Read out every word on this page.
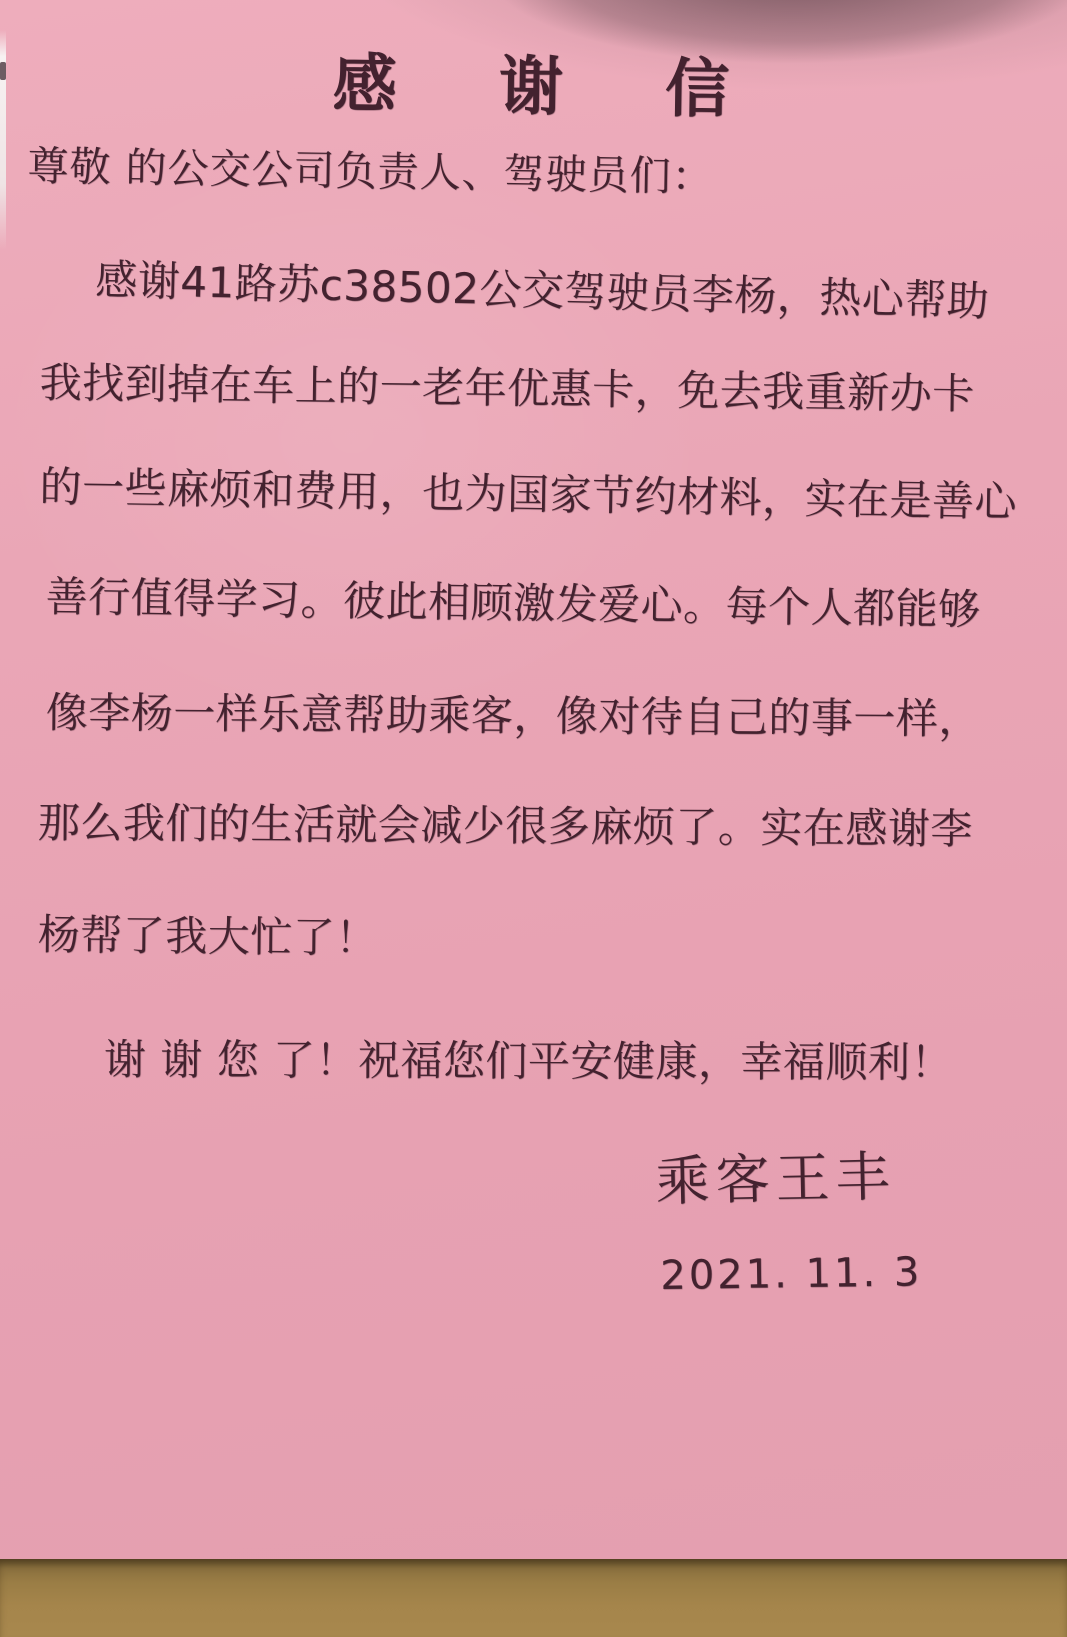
感 谢 信
尊敬 的公交公司负责人、驾驶员们：
感谢41路苏c38502公交驾驶员李杨，热心帮助
我找到掉在车上的一老年优惠卡，免去我重新办卡
的一些麻烦和费用，也为国家节约材料，实在是善心
善行值得学习。彼此相顾激发爱心。每个人都能够
像李杨一样乐意帮助乘客，像对待自己的事一样，
那么我们的生活就会减少很多麻烦了。实在感谢李
杨帮了我大忙了！
谢 谢 您 了！祝福您们平安健康，幸福顺利！
乘客王丰
2021. 11. 3
